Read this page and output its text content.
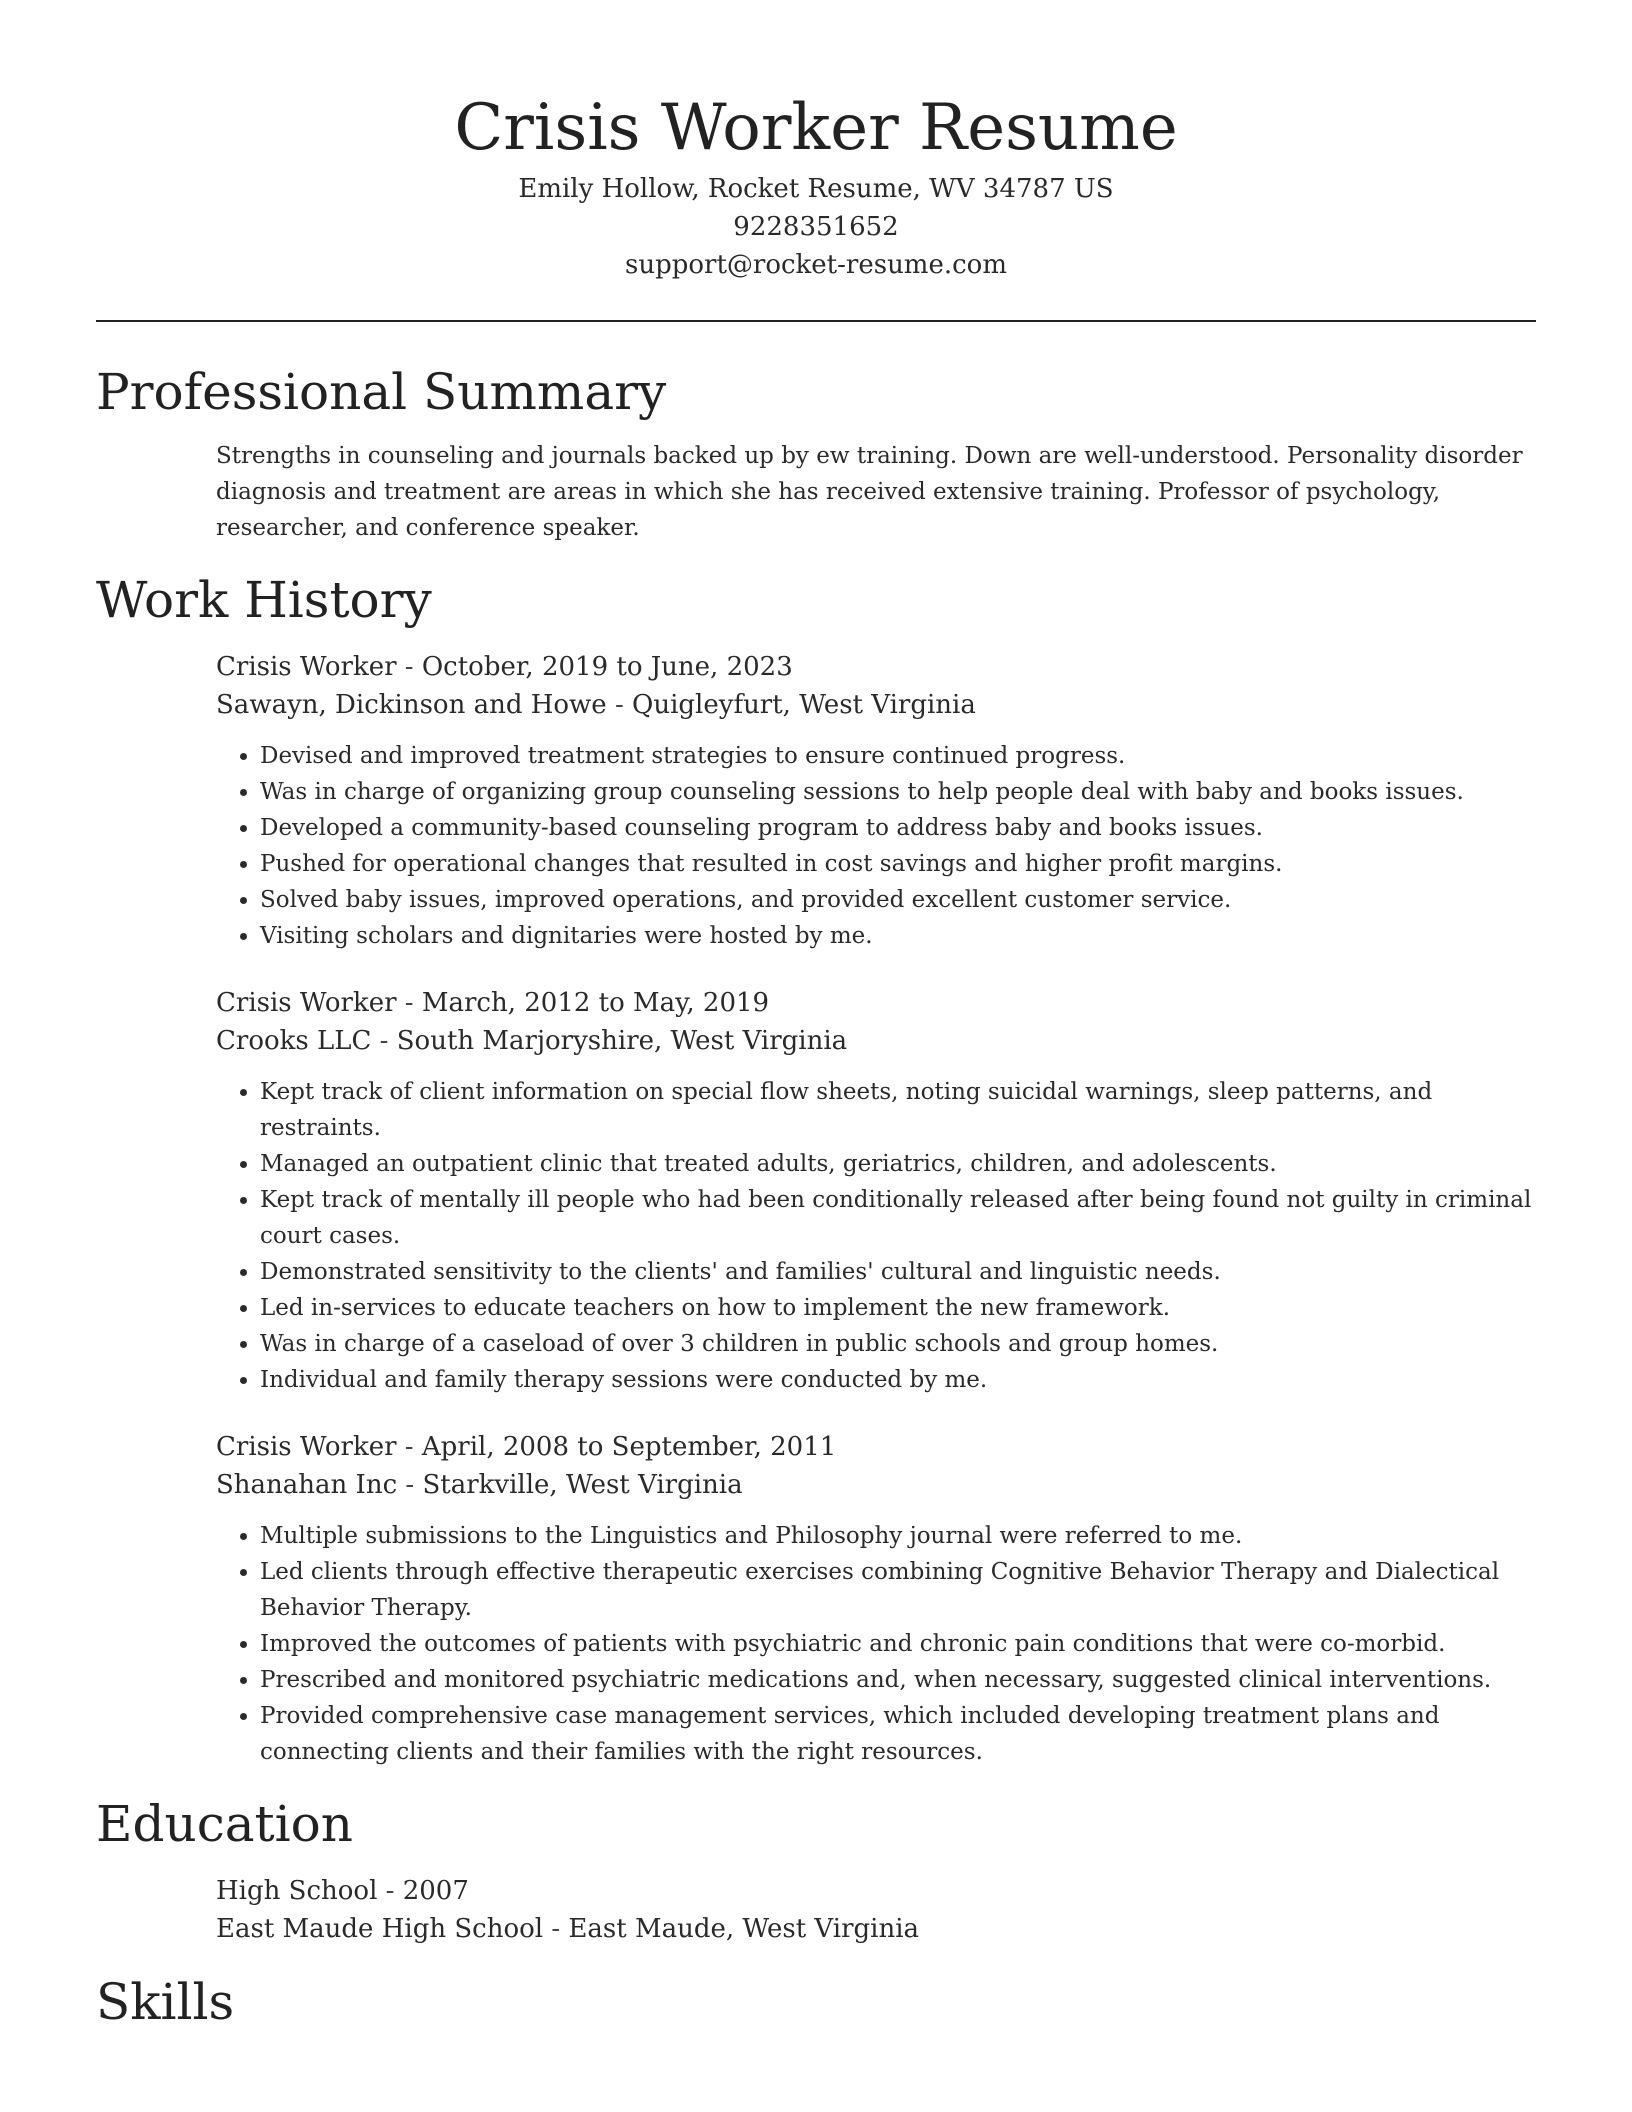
Crisis Worker Resume
Emily Hollow, Rocket Resume, WV 34787 US
9228351652
support@rocket-resume.com
Professional Summary

Strengths in counseling and journals backed up by ew training. Down are well-understood. Personality disorder diagnosis and treatment are areas in which she has received extensive training. Professor of psychology, researcher, and conference speaker.

Work History
Crisis Worker - October, 2019 to June, 2023
Sawayn, Dickinson and Howe - Quigleyfurt, West Virginia
• Devised and improved treatment strategies to ensure continued progress.
• Was in charge of organizing group counseling sessions to help people deal with baby and books issues.
• Developed a community-based counseling program to address baby and books issues.
• Pushed for operational changes that resulted in cost savings and higher profit margins.
• Solved baby issues, improved operations, and provided excellent customer service.
• Visiting scholars and dignitaries were hosted by me.
Crisis Worker - March, 2012 to May, 2019
Crooks LLC - South Marjoryshire, West Virginia
• Kept track of client information on special flow sheets, noting suicidal warnings, sleep patterns, and restraints.
• Managed an outpatient clinic that treated adults, geriatrics, children, and adolescents.
• Kept track of mentally ill people who had been conditionally released after being found not guilty in criminal court cases.
• Demonstrated sensitivity to the clients' and families' cultural and linguistic needs.
• Led in-services to educate teachers on how to implement the new framework.
• Was in charge of a caseload of over 3 children in public schools and group homes.
• Individual and family therapy sessions were conducted by me.
Crisis Worker - April, 2008 to September, 2011
Shanahan Inc - Starkville, West Virginia
• Multiple submissions to the Linguistics and Philosophy journal were referred to me.
• Led clients through effective therapeutic exercises combining Cognitive Behavior Therapy and Dialectical Behavior Therapy.
• Improved the outcomes of patients with psychiatric and chronic pain conditions that were co-morbid.
• Prescribed and monitored psychiatric medications and, when necessary, suggested clinical interventions.
• Provided comprehensive case management services, which included developing treatment plans and connecting clients and their families with the right resources.
Education
High School - 2007
East Maude High School - East Maude, West Virginia
Skills
